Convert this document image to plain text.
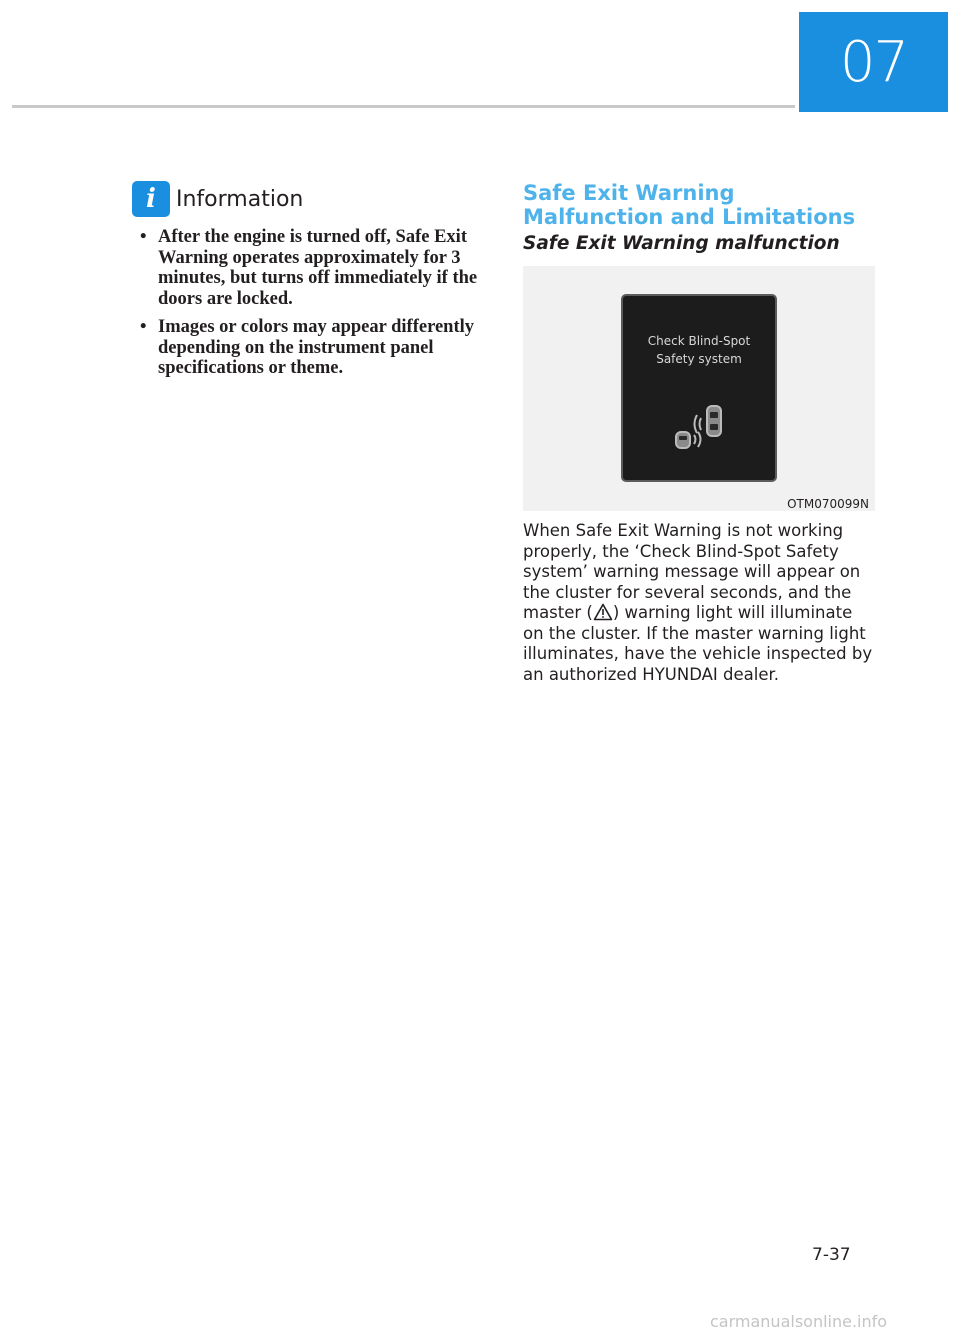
07
i Information
• After the engine is turned off, Safe Exit Warning operates approximately for 3 minutes, but turns off immediately if the doors are locked.
• Images or colors may appear differently depending on the instrument panel specifications or theme.
Safe Exit Warning Malfunction and Limitations
Safe Exit Warning malfunction
Check Blind-Spot
Safety system
OTM070099N

When Safe Exit Warning is not working properly, the ‘Check Blind-Spot Safety system’ warning message will appear on the cluster for several seconds, and the master ( ) warning light will illuminate on the cluster. If the master warning light illuminates, have the vehicle inspected by an authorized HYUNDAI dealer.

7-37
carmanualsonline.info
